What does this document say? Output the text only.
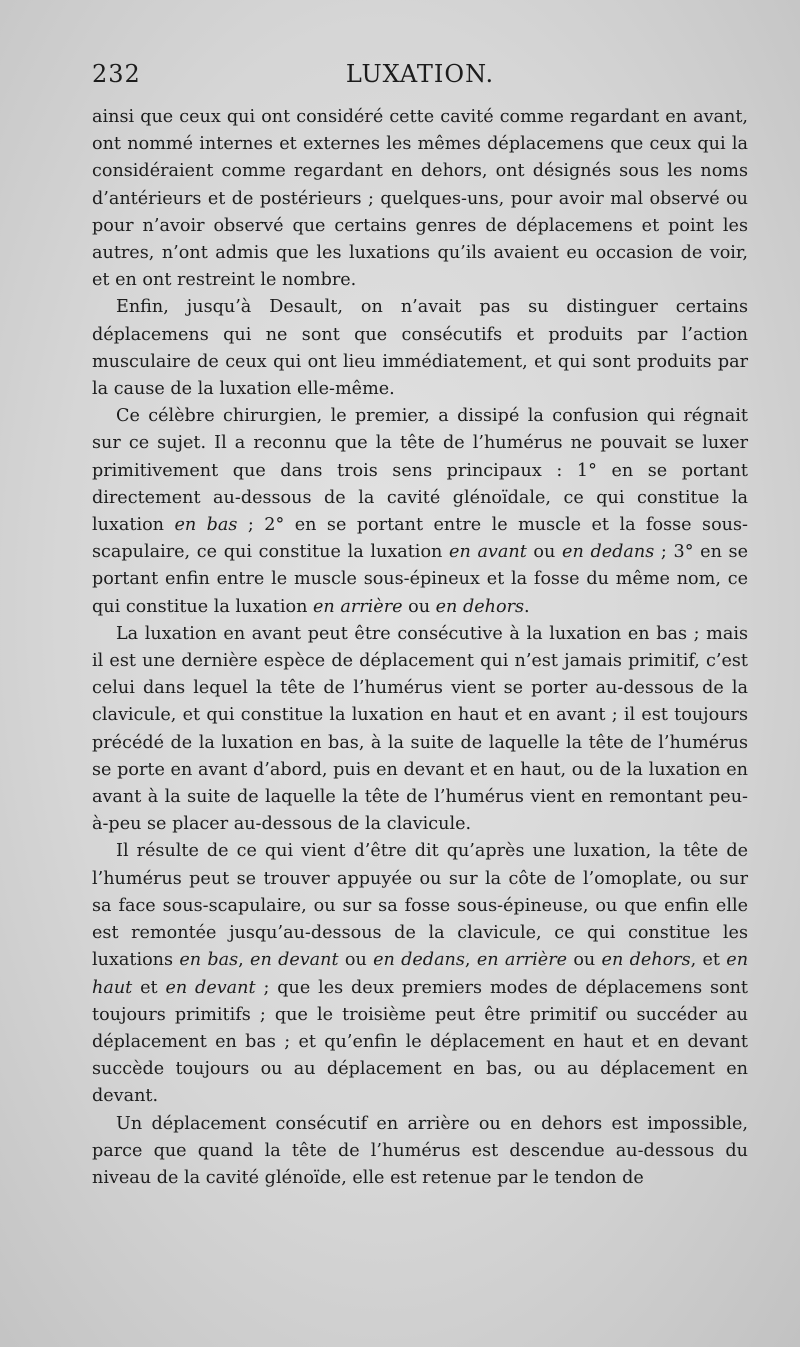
232	LUXATION.

ainsi que ceux qui ont considéré cette cavité comme regardant en avant, ont nommé internes et externes les mêmes déplacemens que ceux qui la considéraient comme regardant en dehors, ont désignés sous les noms d’antérieurs et de postérieurs ; quelques-uns, pour avoir mal observé ou pour n’avoir observé que certains genres de déplacemens et point les autres, n’ont admis que les luxations qu’ils avaient eu occasion de voir, et en ont restreint le nombre.

Enfin, jusqu’à Desault, on n’avait pas su distinguer certains déplacemens qui ne sont que consécutifs et produits par l’action musculaire de ceux qui ont lieu immédiatement, et qui sont produits par la cause de la luxation elle-même.

Ce célèbre chirurgien, le premier, a dissipé la confusion qui régnait sur ce sujet. Il a reconnu que la tête de l’humérus ne pouvait se luxer primitivement que dans trois sens principaux : 1° en se portant directement au-dessous de la cavité glénoïdale, ce qui constitue la luxation en bas ; 2° en se portant entre le muscle et la fosse sous-scapulaire, ce qui constitue la luxation en avant ou en dedans ; 3° en se portant enfin entre le muscle sous-épineux et la fosse du même nom, ce qui constitue la luxation en arrière ou en dehors.

La luxation en avant peut être consécutive à la luxation en bas ; mais il est une dernière espèce de déplacement qui n’est jamais primitif, c’est celui dans lequel la tête de l’humérus vient se porter au-dessous de la clavicule, et qui constitue la luxation en haut et en avant ; il est toujours précédé de la luxation en bas, à la suite de laquelle la tête de l’humérus se porte en avant d’abord, puis en devant et en haut, ou de la luxation en avant à la suite de laquelle la tête de l’humérus vient en remontant peu-à-peu se placer au-dessous de la clavicule.

Il résulte de ce qui vient d’être dit qu’après une luxation, la tête de l’humérus peut se trouver appuyée ou sur la côte de l’omoplate, ou sur sa face sous-scapulaire, ou sur sa fosse sous-épineuse, ou que enfin elle est remontée jusqu’au-dessous de la clavicule, ce qui constitue les luxations en bas, en devant ou en dedans, en arrière ou en dehors, et en haut et en devant ; que les deux premiers modes de déplacemens sont toujours primitifs ; que le troisième peut être primitif ou succéder au déplacement en bas ; et qu’enfin le déplacement en haut et en devant succède toujours ou au déplacement en bas, ou au déplacement en devant.

Un déplacement consécutif en arrière ou en dehors est impossible, parce que quand la tête de l’humérus est descendue au-dessous du niveau de la cavité glénoïde, elle est retenue par le tendon de
